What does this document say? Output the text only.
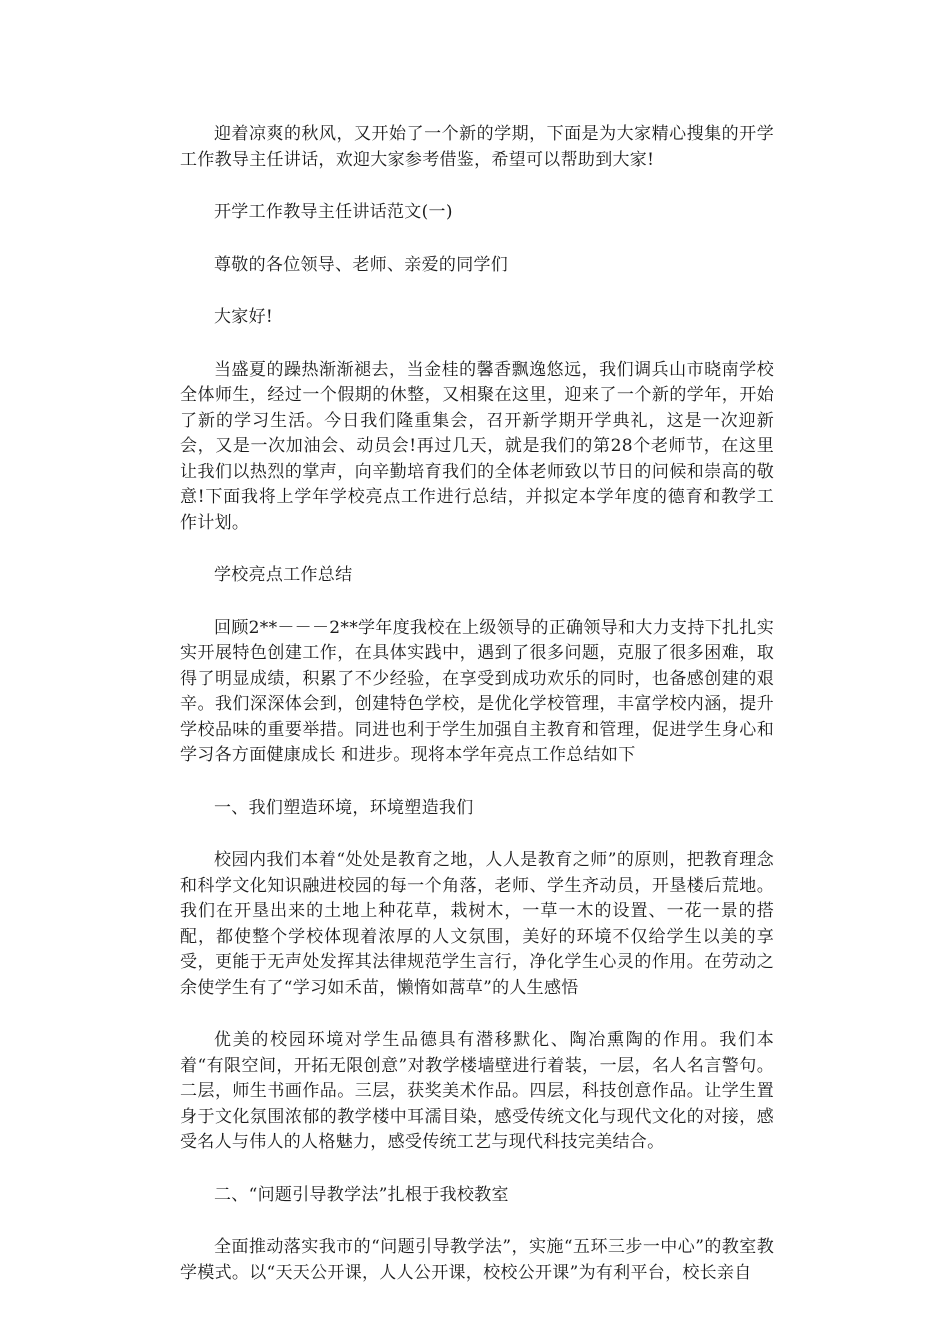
迎着凉爽的秋风，又开始了一个新的学期，下面是为大家精心搜集的开学工作教导主任讲话，欢迎大家参考借鉴，希望可以帮助到大家!

开学工作教导主任讲话范文(一)

尊敬的各位领导、老师、亲爱的同学们

大家好!

当盛夏的躁热渐渐褪去，当金桂的馨香飘逸悠远，我们调兵山市晓南学校全体师生，经过一个假期的休整，又相聚在这里，迎来了一个新的学年，开始了新的学习生活。今日我们隆重集会，召开新学期开学典礼，这是一次迎新会，又是一次加油会、动员会!再过几天，就是我们的第28个老师节，在这里让我们以热烈的掌声，向辛勤培育我们的全体老师致以节日的问候和崇高的敬意!下面我将上学年学校亮点工作进行总结，并拟定本学年度的德育和教学工作计划。

学校亮点工作总结

回顾2**－－－2**学年度我校在上级领导的正确领导和大力支持下扎扎实实开展特色创建工作，在具体实践中，遇到了很多问题，克服了很多困难，取得了明显成绩，积累了不少经验，在享受到成功欢乐的同时，也备感创建的艰辛。我们深深体会到，创建特色学校，是优化学校管理，丰富学校内涵，提升学校品味的重要举措。同进也利于学生加强自主教育和管理，促进学生身心和学习各方面健康成长 和进步。现将本学年亮点工作总结如下

一、我们塑造环境，环境塑造我们

校园内我们本着“处处是教育之地，人人是教育之师”的原则，把教育理念和科学文化知识融进校园的每一个角落，老师、学生齐动员，开垦楼后荒地。我们在开垦出来的土地上种花草，栽树木，一草一木的设置、一花一景的搭配，都使整个学校体现着浓厚的人文氛围，美好的环境不仅给学生以美的享受，更能于无声处发挥其法律规范学生言行，净化学生心灵的作用。在劳动之余使学生有了“学习如禾苗，懒惰如蒿草”的人生感悟

优美的校园环境对学生品德具有潜移默化、陶冶熏陶的作用。我们本着“有限空间，开拓无限创意”对教学楼墙壁进行着装，一层，名人名言警句。二层，师生书画作品。三层，获奖美术作品。四层，科技创意作品。让学生置身于文化氛围浓郁的教学楼中耳濡目染，感受传统文化与现代文化的对接，感受名人与伟人的人格魅力，感受传统工艺与现代科技完美结合。

二、“问题引导教学法”扎根于我校教室

全面推动落实我市的“问题引导教学法”，实施“五环三步一中心”的教室教学模式。以“天天公开课，人人公开课，校校公开课”为有利平台，校长亲自
